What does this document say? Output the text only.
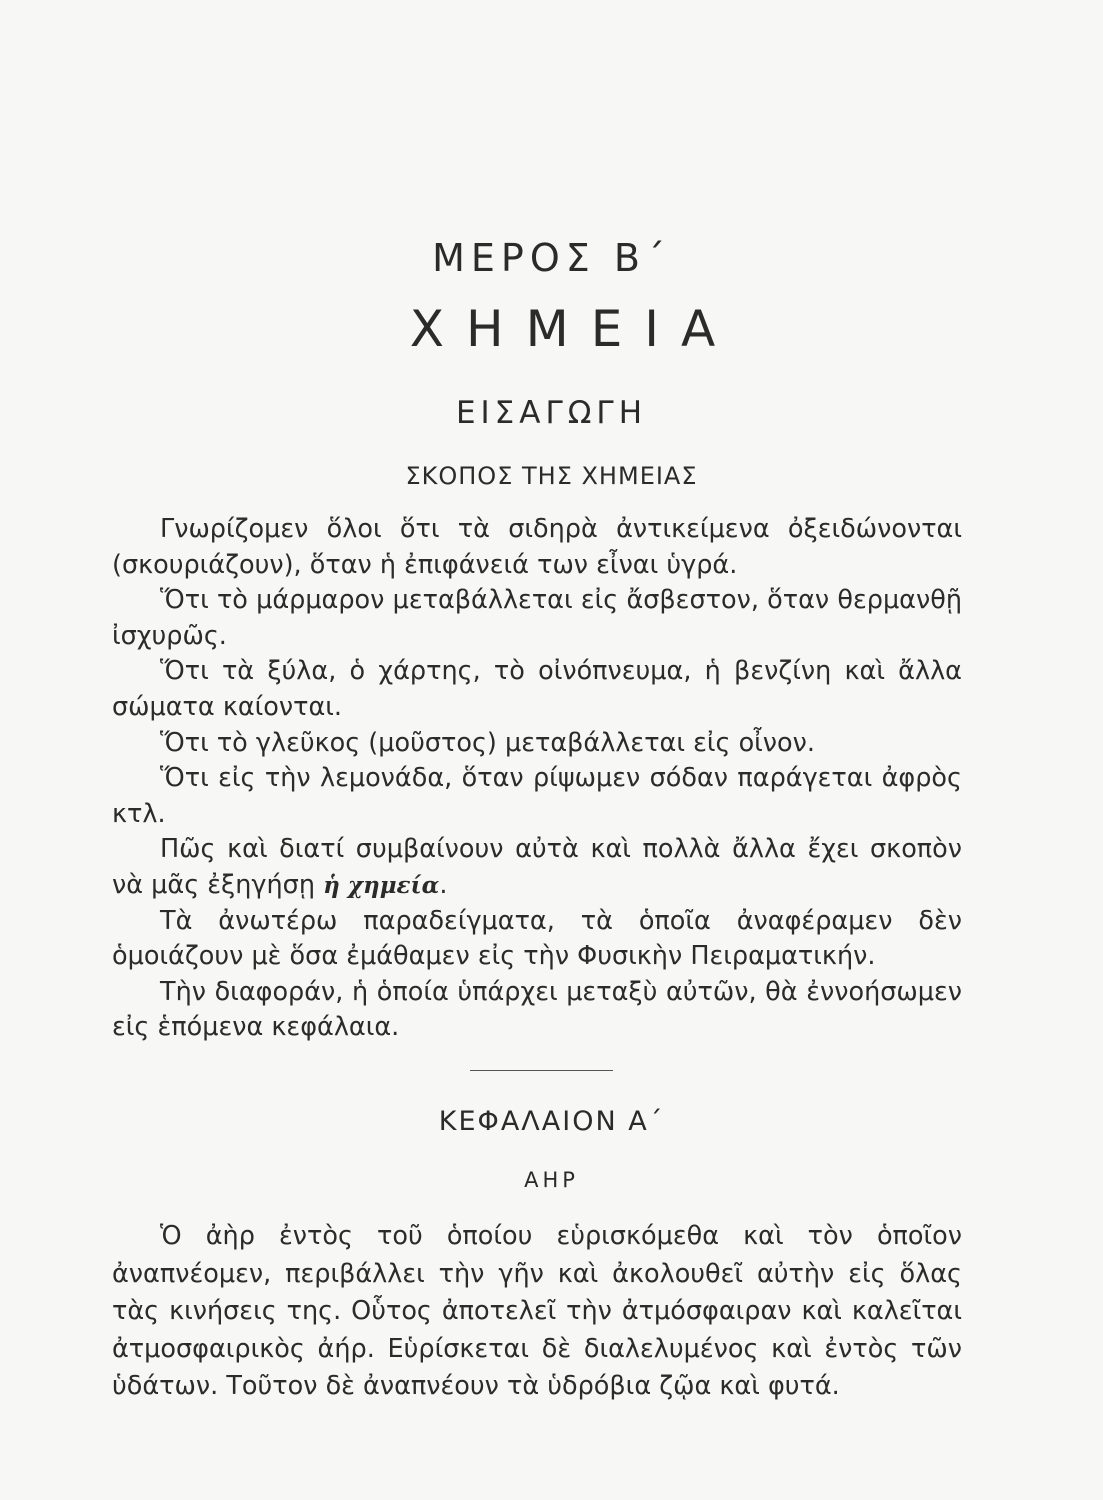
ΜΕΡΟΣ Β΄
ΧΗΜΕΙΑ
ΕΙΣΑΓΩΓΗ
ΣΚΟΠΟΣ ΤΗΣ ΧΗΜΕΙΑΣ

Γνωρίζομεν ὅλοι ὅτι τὰ σιδηρὰ ἀντικείμενα ὀξειδώνονται (σκουριάζουν), ὅταν ἡ ἐπιφάνειά των εἶναι ὑγρά.

Ὅτι τὸ μάρμαρον μεταβάλλεται εἰς ἄσβεστον, ὅταν θερμανθῇ ἰσχυρῶς.

Ὅτι τὰ ξύλα, ὁ χάρτης, τὸ οἰνόπνευμα, ἡ βενζίνη καὶ ἄλλα σώματα καίονται.

Ὅτι τὸ γλεῦκος (μοῦστος) μεταβάλλεται εἰς οἶνον.

Ὅτι εἰς τὴν λεμονάδα, ὅταν ρίψωμεν σόδαν παράγεται ἀφρὸς κτλ.

Πῶς καὶ διατί συμβαίνουν αὐτὰ καὶ πολλὰ ἄλλα ἔχει σκοπὸν νὰ μᾶς ἐξηγήσῃ ἡ χημεία.

Τὰ ἀνωτέρω παραδείγματα, τὰ ὁποῖα ἀναφέραμεν δὲν ὁμοιάζουν μὲ ὅσα ἐμάθαμεν εἰς τὴν Φυσικὴν Πειραματικήν.

Τὴν διαφοράν, ἡ ὁποία ὑπάρχει μεταξὺ αὐτῶν, θὰ ἐννοήσωμεν εἰς ἑπόμενα κεφάλαια.

ΚΕΦΑΛΑΙΟΝ Α΄
ΑΗΡ

Ὁ ἀὴρ ἐντὸς τοῦ ὁποίου εὑρισκόμεθα καὶ τὸν ὁποῖον ἀναπνέομεν, περιβάλλει τὴν γῆν καὶ ἀκολουθεῖ αὐτὴν εἰς ὅλας τὰς κινήσεις της. Οὗτος ἀποτελεῖ τὴν ἀτμόσφαιραν καὶ καλεῖται ἀτμοσφαιρικὸς ἀήρ. Εὑρίσκεται δὲ διαλελυμένος καὶ ἐντὸς τῶν ὑδάτων. Τοῦτον δὲ ἀναπνέουν τὰ ὑδρόβια ζῷα καὶ φυτά.
